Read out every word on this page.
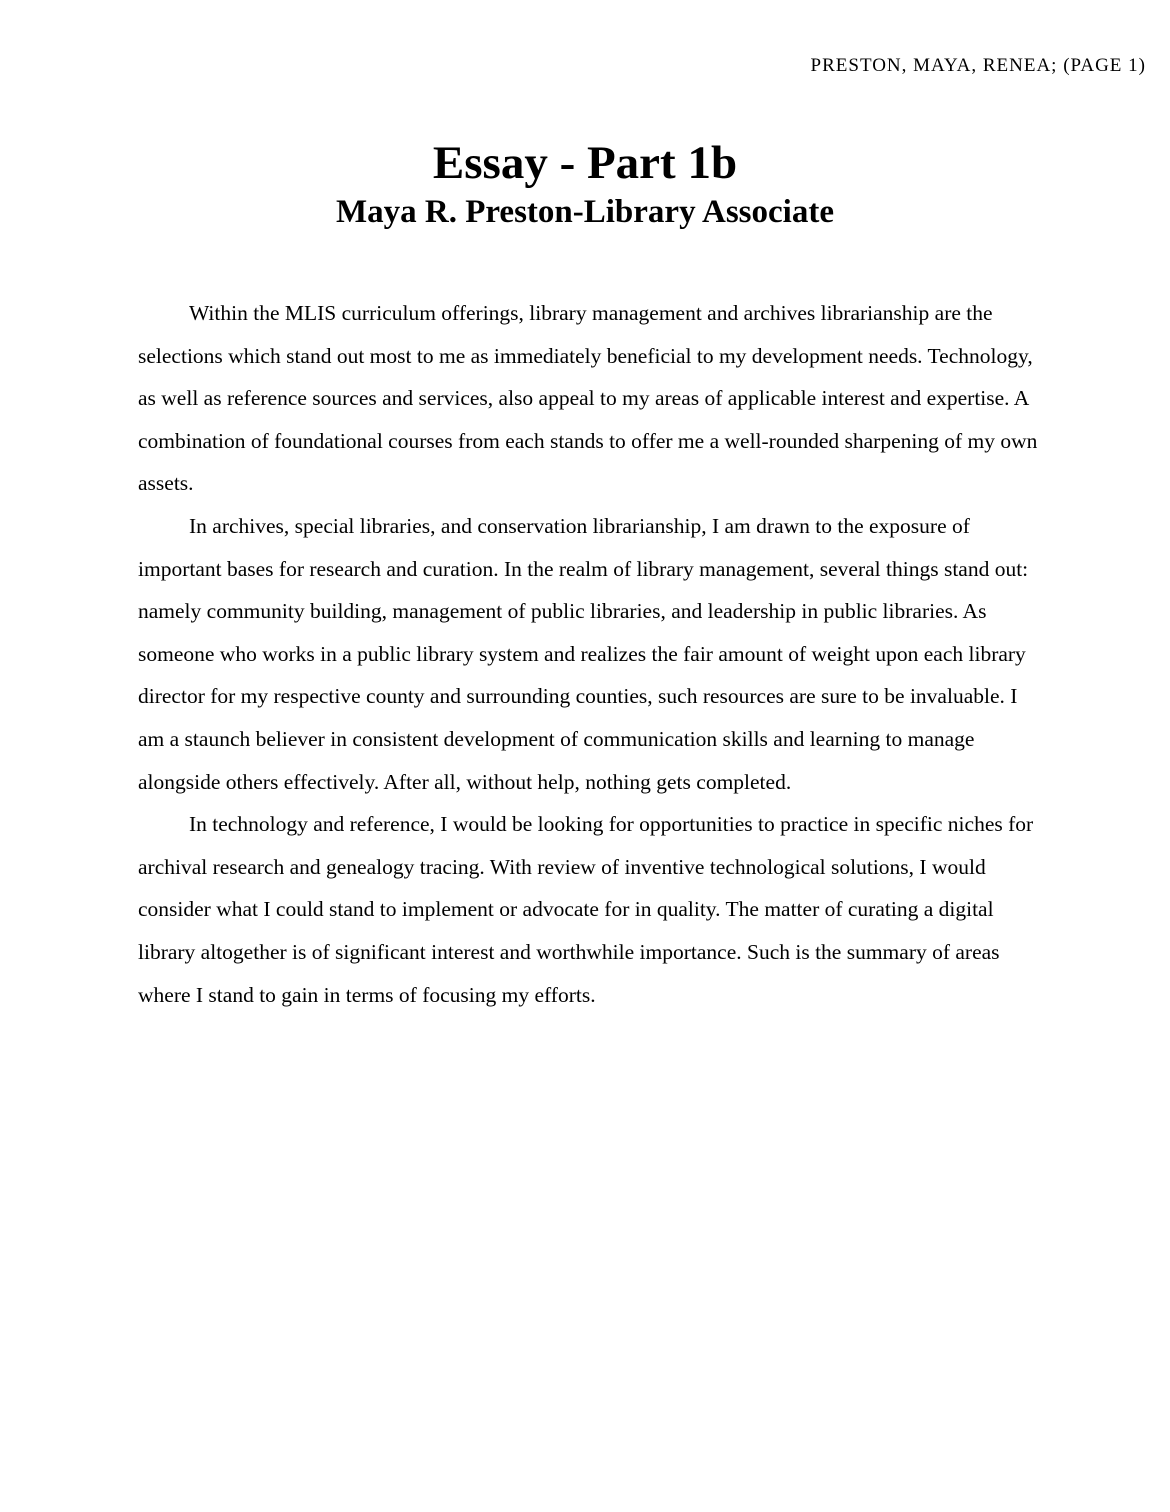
PRESTON, MAYA, RENEA; (PAGE 1)
Essay - Part 1b
Maya R. Preston-Library Associate

Within the MLIS curriculum offerings, library management and archives librarianship are the selections which stand out most to me as immediately beneficial to my development needs. Technology, as well as reference sources and services, also appeal to my areas of applicable interest and expertise. A combination of foundational courses from each stands to offer me a well-rounded sharpening of my own assets.

In archives, special libraries, and conservation librarianship, I am drawn to the exposure of important bases for research and curation. In the realm of library management, several things stand out: namely community building, management of public libraries, and leadership in public libraries. As someone who works in a public library system and realizes the fair amount of weight upon each library director for my respective county and surrounding counties, such resources are sure to be invaluable. I am a staunch believer in consistent development of communication skills and learning to manage alongside others effectively. After all, without help, nothing gets completed.

In technology and reference, I would be looking for opportunities to practice in specific niches for archival research and genealogy tracing. With review of inventive technological solutions, I would consider what I could stand to implement or advocate for in quality. The matter of curating a digital library altogether is of significant interest and worthwhile importance. Such is the summary of areas where I stand to gain in terms of focusing my efforts.
